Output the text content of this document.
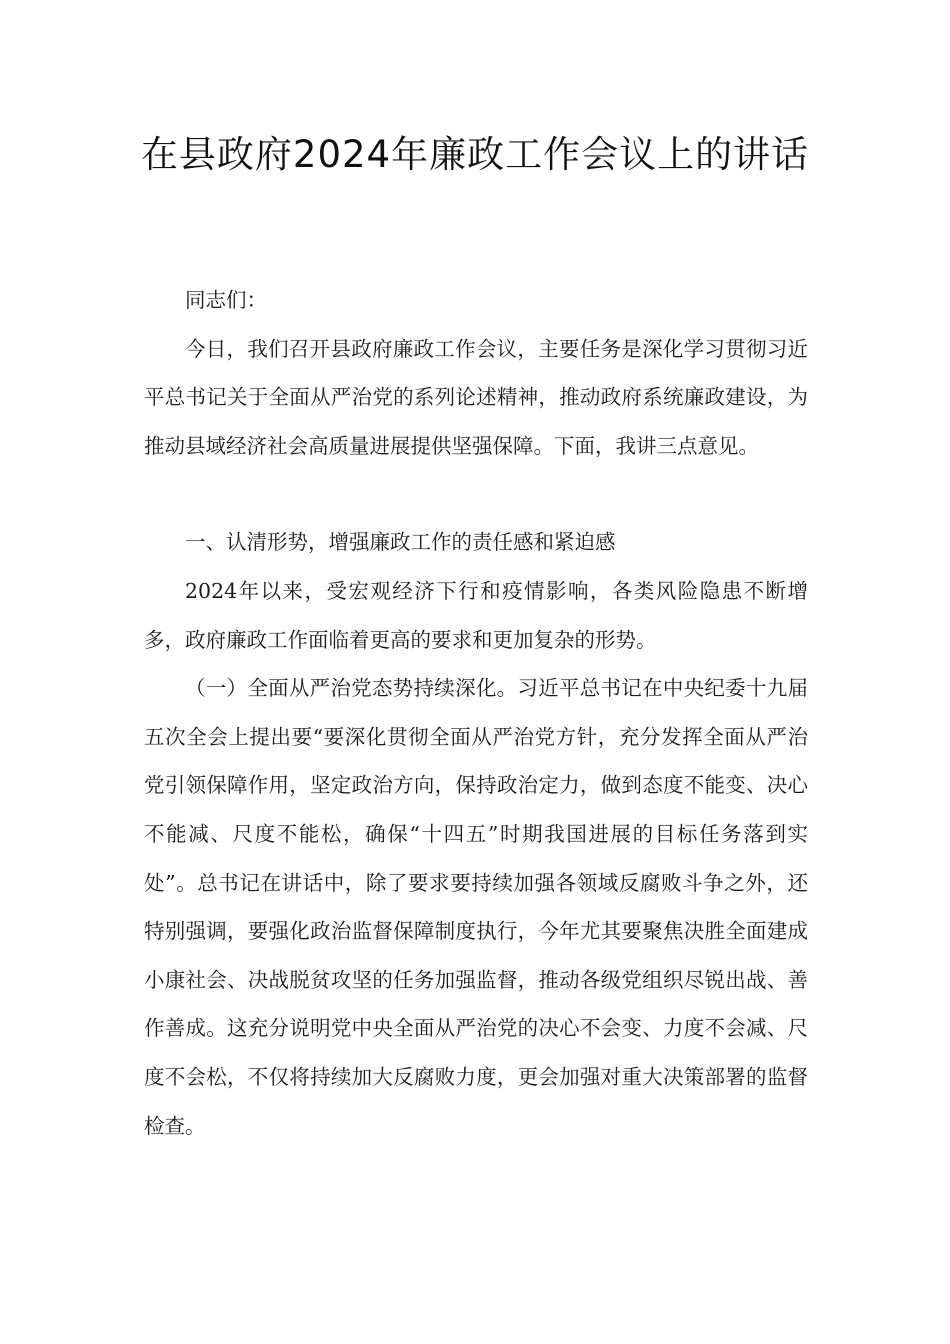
在县政府2024年廉政工作会议上的讲话

同志们：

今日，我们召开县政府廉政工作会议，主要任务是深化学习贯彻习近平总书记关于全面从严治党的系列论述精神，推动政府系统廉政建设，为推动县域经济社会高质量进展提供坚强保障。下面，我讲三点意见。

一、认清形势，增强廉政工作的责任感和紧迫感

2024年以来，受宏观经济下行和疫情影响，各类风险隐患不断增多，政府廉政工作面临着更高的要求和更加复杂的形势。

（一）全面从严治党态势持续深化。习近平总书记在中央纪委十九届五次全会上提出要“要深化贯彻全面从严治党方针，充分发挥全面从严治党引领保障作用，坚定政治方向，保持政治定力，做到态度不能变、决心不能减、尺度不能松，确保“十四五”时期我国进展的目标任务落到实处”。总书记在讲话中，除了要求要持续加强各领域反腐败斗争之外，还特别强调，要强化政治监督保障制度执行，今年尤其要聚焦决胜全面建成小康社会、决战脱贫攻坚的任务加强监督，推动各级党组织尽锐出战、善作善成。这充分说明党中央全面从严治党的决心不会变、力度不会减、尺度不会松，不仅将持续加大反腐败力度，更会加强对重大决策部署的监督检查。
